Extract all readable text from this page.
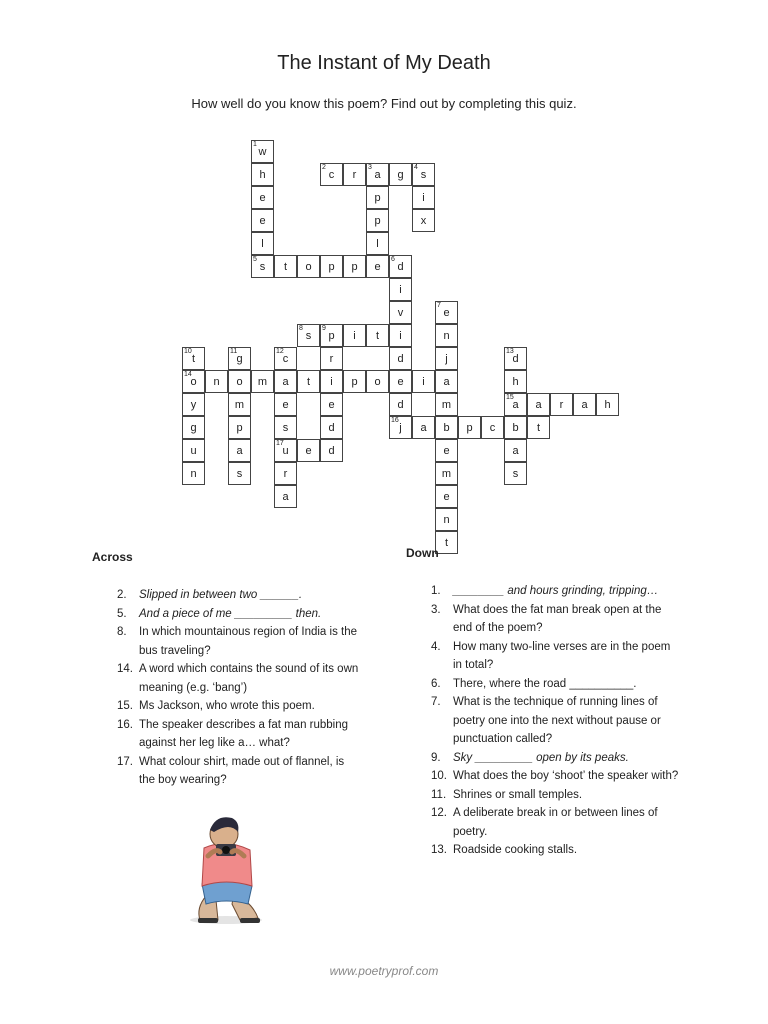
The Instant of My Death
How well do you know this poem? Find out by completing this quiz.
1
w
h
e
e
l
2
c	r
3
a	g
4
s
p
p
l
e
i
x
5
s	t	o	p	p
6
d
i
v
i
d
e
d
7
e
n
j
a
m
b
e
m
e
n
t
8
s
9
p	i	t
r
i
e
d
10
t
14
o
y
g
u
n
11
g
o
m
p
a
s
12
c
a
e
s
17
u
r
a
13
d
h
15
a
b
a
s
n	m	t	p	o	i
a	r	a	h
16
j	a	p	c	t
e	d
Across	Down
2. Slipped in between two ______.
5. And a piece of me _________ then.
8. In which mountainous region of India is the bus traveling?
14. A word which contains the sound of its own meaning (e.g. ‘bang’)
15. Ms Jackson, who wrote this poem.
16. The speaker describes a fat man rubbing against her leg like a… what?
17. What colour shirt, made out of flannel, is the boy wearing?
1. ________ and hours grinding, tripping…
3. What does the fat man break open at the end of the poem?
4. How many two-line verses are in the poem in total?
6. There, where the road __________.
7. What is the technique of running lines of poetry one into the next without pause or punctuation called?
9. Sky _________ open by its peaks.
10. What does the boy ‘shoot’ the speaker with?
11. Shrines or small temples.
12. A deliberate break in or between lines of poetry.
13. Roadside cooking stalls.
www.poetryprof.com
